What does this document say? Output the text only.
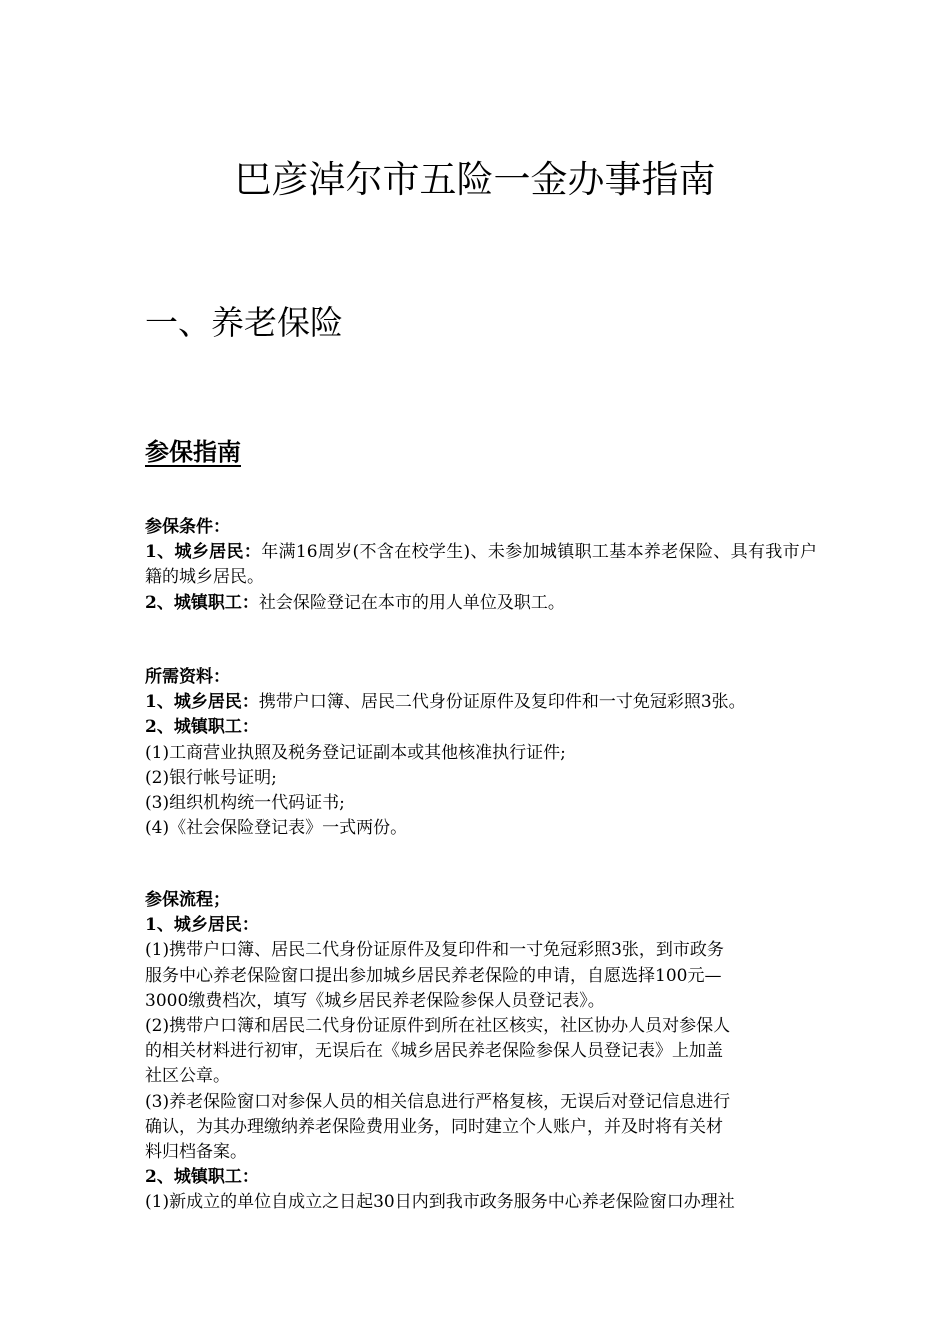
巴彦淖尔市五险一金办事指南
一、养老保险
参保指南

参保条件：

1、城乡居民：年满16周岁(不含在校学生)、未参加城镇职工基本养老保险、具有我市户籍的城乡居民。

2、城镇职工：社会保险登记在本市的用人单位及职工。

所需资料：

1、城乡居民：携带户口簿、居民二代身份证原件及复印件和一寸免冠彩照3张。

2、城镇职工：

(1)工商营业执照及税务登记证副本或其他核准执行证件;

(2)银行帐号证明;

(3)组织机构统一代码证书;

(4)《社会保险登记表》一式两份。

参保流程；

1、城乡居民：

(1)携带户口簿、居民二代身份证原件及复印件和一寸免冠彩照3张，到市政务

服务中心养老保险窗口提出参加城乡居民养老保险的申请，自愿选择100元—

3000缴费档次，填写《城乡居民养老保险参保人员登记表》。

(2)携带户口簿和居民二代身份证原件到所在社区核实，社区协办人员对参保人

的相关材料进行初审，无误后在《城乡居民养老保险参保人员登记表》上加盖

社区公章。

(3)养老保险窗口对参保人员的相关信息进行严格复核，无误后对登记信息进行

确认，为其办理缴纳养老保险费用业务，同时建立个人账户，并及时将有关材

料归档备案。

2、城镇职工：

(1)新成立的单位自成立之日起30日内到我市政务服务中心养老保险窗口办理社
